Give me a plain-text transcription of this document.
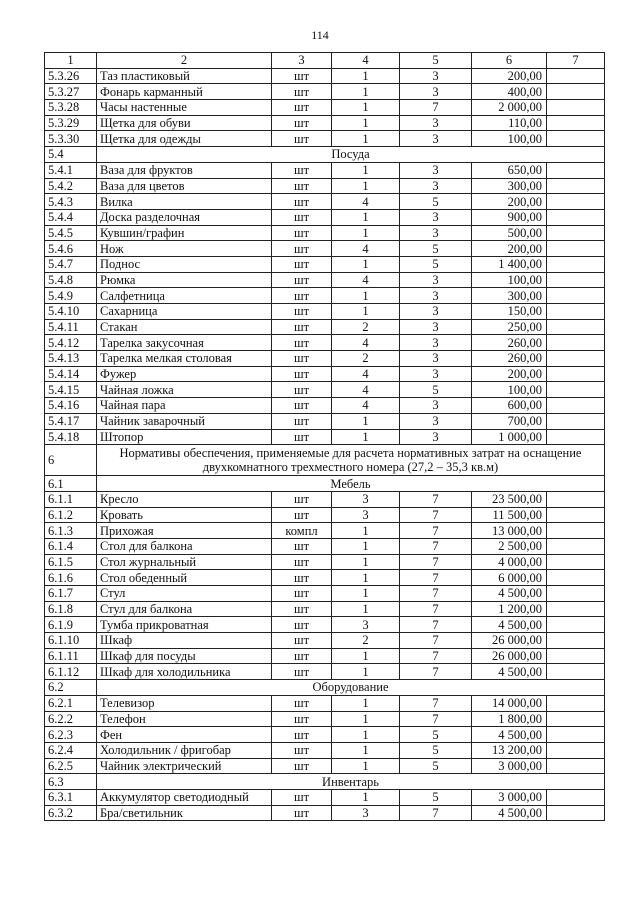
114
1	2	3	4	5	6	7
5.3.26	Таз пластиковый	шт	1	3	200,00	
5.3.27	Фонарь карманный	шт	1	3	400,00	
5.3.28	Часы настенные	шт	1	7	2 000,00	
5.3.29	Щетка для обуви	шт	1	3	110,00	
5.3.30	Щетка для одежды	шт	1	3	100,00	
5.4	Посуда					
5.4.1	Ваза для фруктов	шт	1	3	650,00	
5.4.2	Ваза для цветов	шт	1	3	300,00	
5.4.3	Вилка	шт	4	5	200,00	
5.4.4	Доска разделочная	шт	1	3	900,00	
5.4.5	Кувшин/графин	шт	1	3	500,00	
5.4.6	Нож	шт	4	5	200,00	
5.4.7	Поднос	шт	1	5	1 400,00	
5.4.8	Рюмка	шт	4	3	100,00	
5.4.9	Салфетница	шт	1	3	300,00	
5.4.10	Сахарница	шт	1	3	150,00	
5.4.11	Стакан	шт	2	3	250,00	
5.4.12	Тарелка закусочная	шт	4	3	260,00	
5.4.13	Тарелка мелкая столовая	шт	2	3	260,00	
5.4.14	Фужер	шт	4	3	200,00	
5.4.15	Чайная ложка	шт	4	5	100,00	
5.4.16	Чайная пара	шт	4	3	600,00	
5.4.17	Чайник заварочный	шт	1	3	700,00	
5.4.18	Штопор	шт	1	3	1 000,00	
6	Нормативы обеспечения, применяемые для расчета нормативных затрат на оснащение двухкомнатного трехместного номера (27,2 – 35,3 кв.м)					
6.1	Мебель					
6.1.1	Кресло	шт	3	7	23 500,00	
6.1.2	Кровать	шт	3	7	11 500,00	
6.1.3	Прихожая	компл	1	7	13 000,00	
6.1.4	Стол для балкона	шт	1	7	2 500,00	
6.1.5	Стол журнальный	шт	1	7	4 000,00	
6.1.6	Стол обеденный	шт	1	7	6 000,00	
6.1.7	Стул	шт	1	7	4 500,00	
6.1.8	Стул для балкона	шт	1	7	1 200,00	
6.1.9	Тумба прикроватная	шт	3	7	4 500,00	
6.1.10	Шкаф	шт	2	7	26 000,00	
6.1.11	Шкаф для посуды	шт	1	7	26 000,00	
6.1.12	Шкаф для холодильника	шт	1	7	4 500,00	
6.2	Оборудование					
6.2.1	Телевизор	шт	1	7	14 000,00	
6.2.2	Телефон	шт	1	7	1 800,00	
6.2.3	Фен	шт	1	5	4 500,00	
6.2.4	Холодильник / фригобар	шт	1	5	13 200,00	
6.2.5	Чайник электрический	шт	1	5	3 000,00	
6.3	Инвентарь					
6.3.1	Аккумулятор светодиодный	шт	1	5	3 000,00	
6.3.2	Бра/светильник	шт	3	7	4 500,00	
